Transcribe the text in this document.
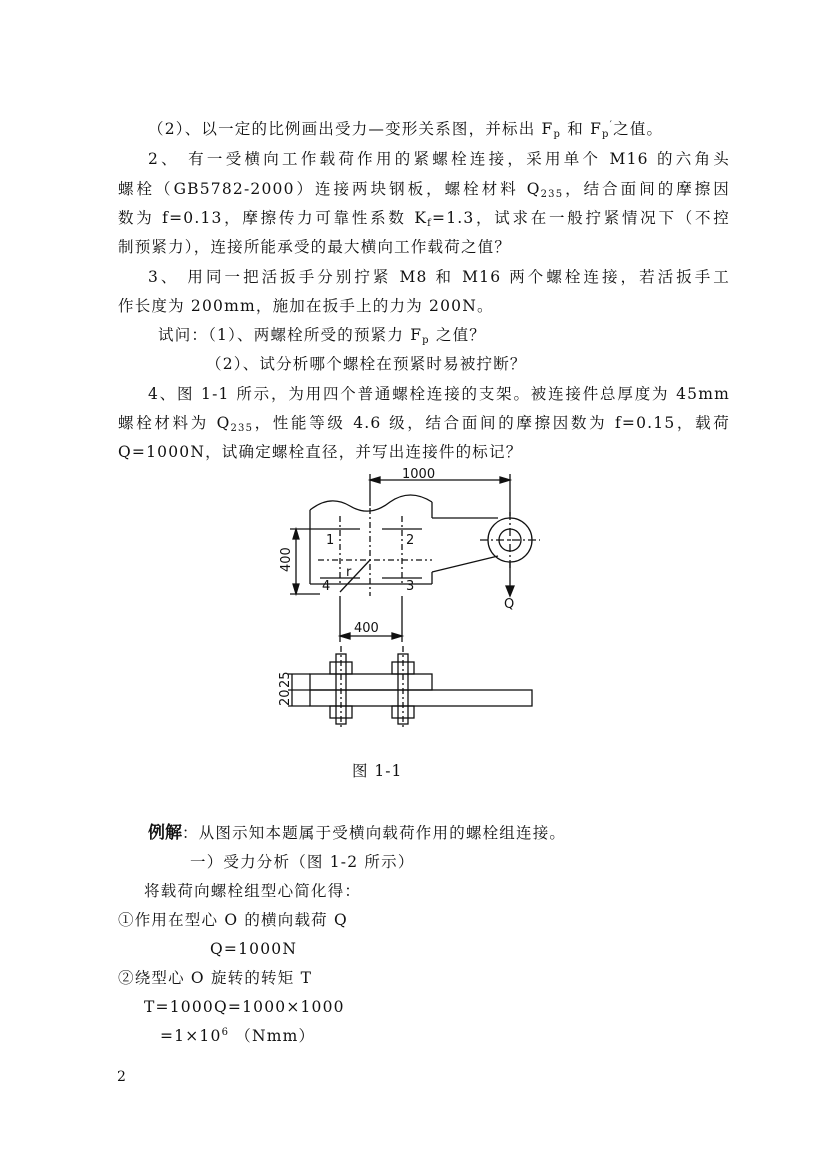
（2）、以一定的比例画出受力—变形关系图，并标出 $F_p$ 和 $F_p'$之值。

2、 有一受横向工作载荷作用的紧螺栓连接，采用单个 M16 的六角头

螺栓（GB5782-2000）连接两块钢板，螺栓材料 $Q_{235}$，结合面间的摩擦因

数为 f=0.13，摩擦传力可靠性系数 $K_f=1.3$，试求在一般拧紧情况下（不控

制预紧力），连接所能承受的最大横向工作载荷之值？

3、 用同一把活扳手分别拧紧 M8 和 M16 两个螺栓连接，若活扳手工

作长度为 200mm，施加在扳手上的力为 200N。

试问：（1）、两螺栓所受的预紧力 $F_p$ 之值？

（2）、试分析哪个螺栓在预紧时易被拧断？

4、图 1-1 所示，为用四个普通螺栓连接的支架。被连接件总厚度为 45mm

螺栓材料为 $Q_{235}$，性能等级 4.6 级，结合面间的摩擦因数为 f=0.15，载荷

Q=1000N，试确定螺栓直径，并写出连接件的标记？

1000
400
400
1	2
3
4
r
Q
20
25
图 1-1

例解：从图示知本题属于受横向载荷作用的螺栓组连接。

一）受力分析（图 1-2 所示）

将载荷向螺栓组型心简化得：

①作用在型心 O 的横向载荷 Q

Q=1000N

②绕型心 O 旋转的转矩 T

T=1000Q=1000×1000

$=1\times 10^6$ （Nmm）

2
